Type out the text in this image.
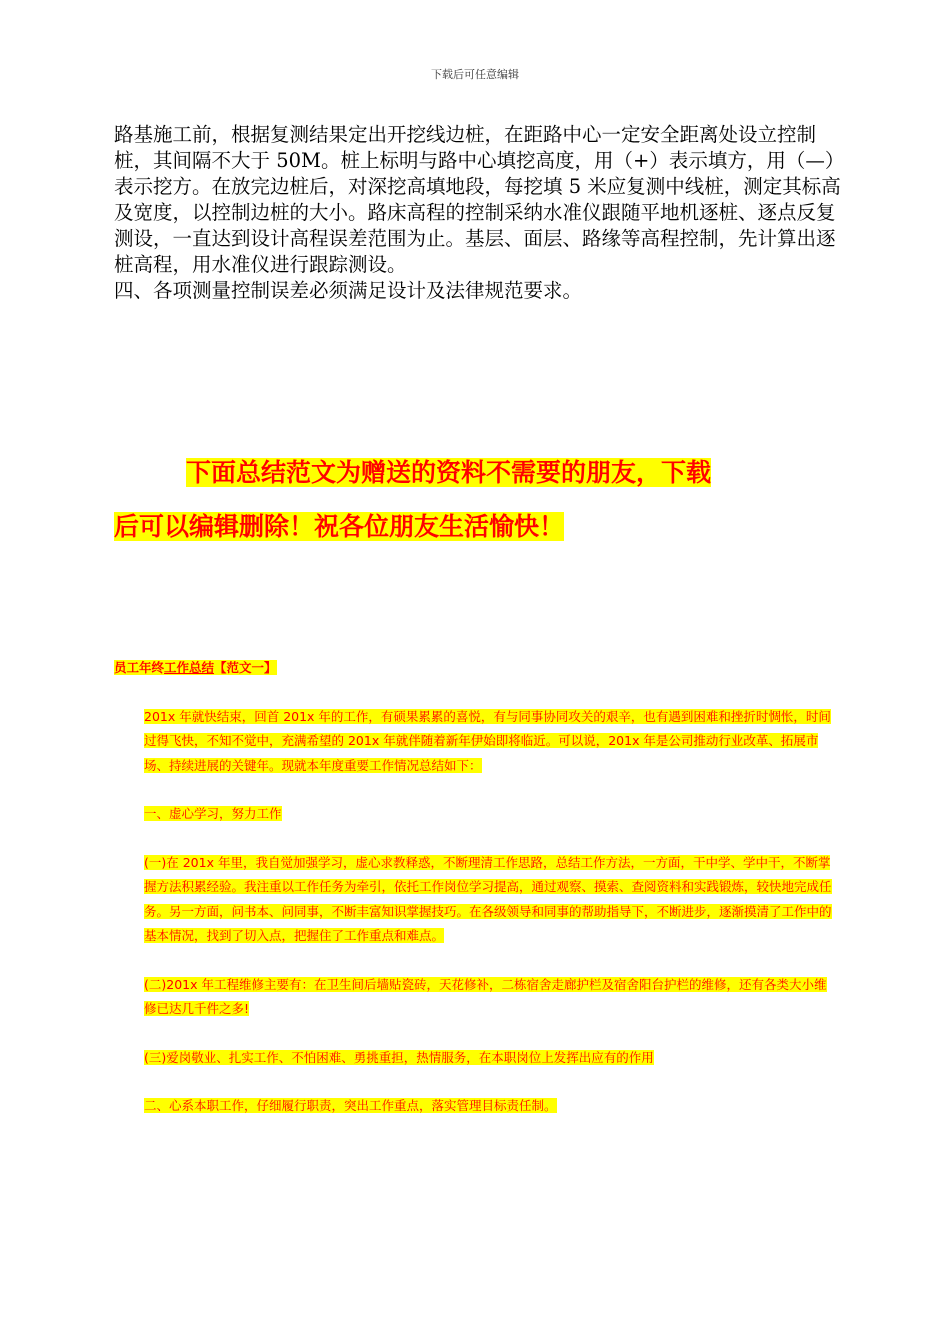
下载后可任意编辑

路基施工前，根据复测结果定出开挖线边桩，在距路中心一定安全距离处设立控制桩，其间隔不大于 50M。桩上标明与路中心填挖高度，用（+）表示填方，用（—）表示挖方。在放完边桩后，对深挖高填地段，每挖填 5 米应复测中线桩，测定其标高及宽度，以控制边桩的大小。路床高程的控制采纳水准仪跟随平地机逐桩、逐点反复测设，一直达到设计高程误差范围为止。基层、面层、路缘等高程控制，先计算出逐桩高程，用水准仪进行跟踪测设。

四、各项测量控制误差必须满足设计及法律规范要求。

下面总结范文为赠送的资料不需要的朋友，下载
后可以编辑删除！祝各位朋友生活愉快！

员工年终工作总结【范文一】

201x 年就快结束，回首 201x 年的工作，有硕果累累的喜悦，有与同事协同攻关的艰辛，也有遇到困难和挫折时惆怅，时间过得飞快，不知不觉中，充满希望的 201x 年就伴随着新年伊始即将临近。可以说，201x 年是公司推动行业改革、拓展市场、持续进展的关键年。现就本年度重要工作情况总结如下：

一、虚心学习，努力工作

(一)在 201x 年里，我自觉加强学习，虚心求教释惑，不断理清工作思路，总结工作方法，一方面，干中学、学中干，不断掌握方法积累经验。我注重以工作任务为牵引，依托工作岗位学习提高，通过观察、摸索、查阅资料和实践锻炼，较快地完成任务。另一方面，问书本、问同事，不断丰富知识掌握技巧。在各级领导和同事的帮助指导下，不断进步，逐渐摸清了工作中的基本情况，找到了切入点，把握住了工作重点和难点。

(二)201x 年工程维修主要有：在卫生间后墙贴瓷砖，天花修补，二栋宿舍走廊护栏及宿舍阳台护栏的维修，还有各类大小维修已达几千件之多!

(三)爱岗敬业、扎实工作、不怕困难、勇挑重担，热情服务，在本职岗位上发挥出应有的作用

二、心系本职工作，仔细履行职责，突出工作重点，落实管理目标责任制。
